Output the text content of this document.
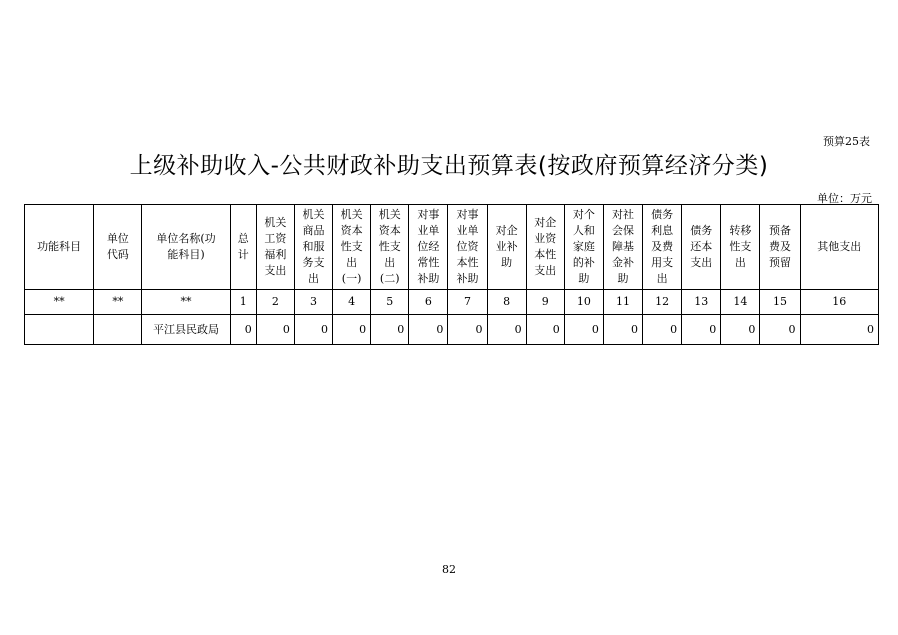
预算25表
上级补助收入-公共财政补助支出预算表(按政府预算经济分类)
单位：万元
功能科目	单位代码	单位名称(功能科目)	总计	机关工资福利支出	机关商品和服务支出	机关资本性支出(一)	机关资本性支出(二)	对事业单位经常性补助	对事业单位资本性补助	对企业补助	对企业资本性支出	对个人和家庭的补助	对社会保障基金补助	债务利息及费用支出	债务还本支出	转移性支出	预备费及预留	其他支出
**	**	**	1	2	3	4	5	6	7	8	9	10	11	12	13	14	15	16
		平江县民政局	0	0	0	0	0	0	0	0	0	0	0	0	0	0	0	0
82
